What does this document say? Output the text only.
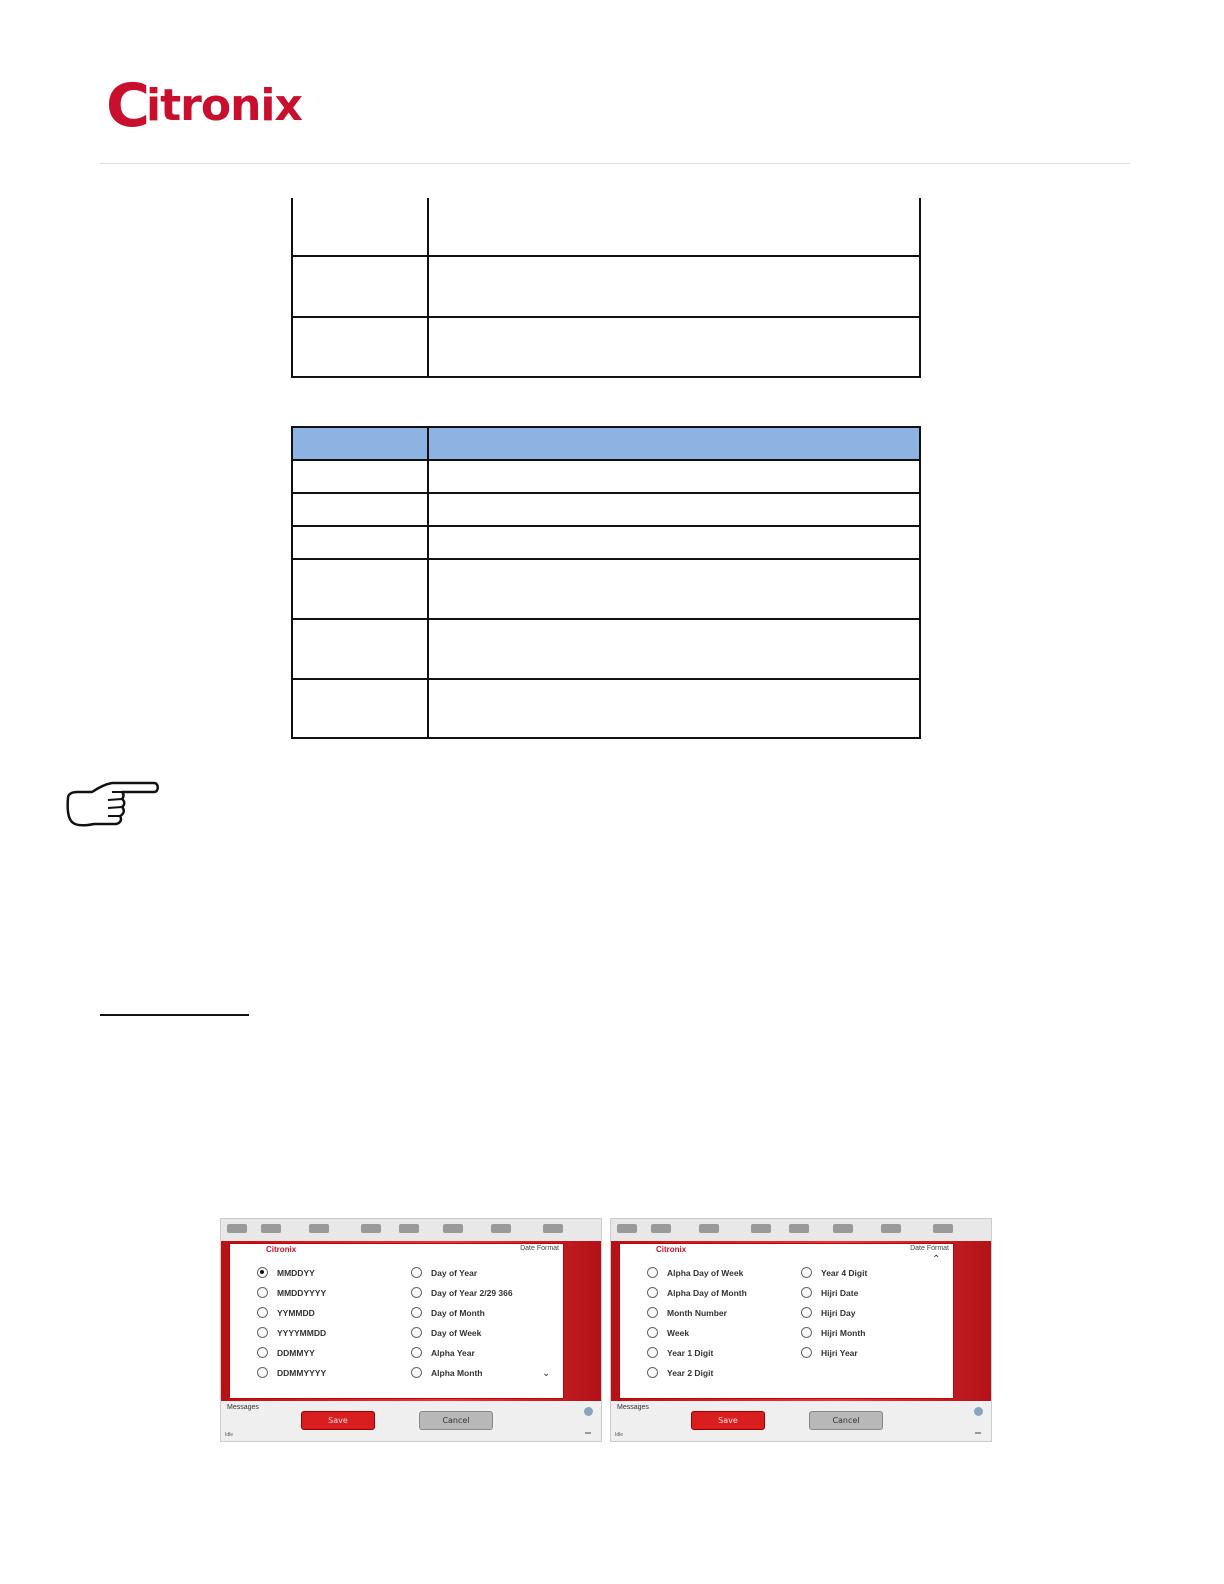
Citronix

Citronix	Date Format
MMDDYY
MMDDYYYY
YYMMDD
YYYYMMDD
DDMMYY
DDMMYYYY
Day of Year
Day of Year 2/29 366
Day of Month
Day of Week
Alpha Year
Alpha Month	⌄
Messages
Idle
Save	Cancel
Citronix	Date Format
Alpha Day of Week
Alpha Day of Month
Month Number
Week
Year 1 Digit
Year 2 Digit
Year 4 Digit
Hijri Date
Hijri Day
Hijri Month
Hijri Year
⌃
Messages
Idle
Save	Cancel
